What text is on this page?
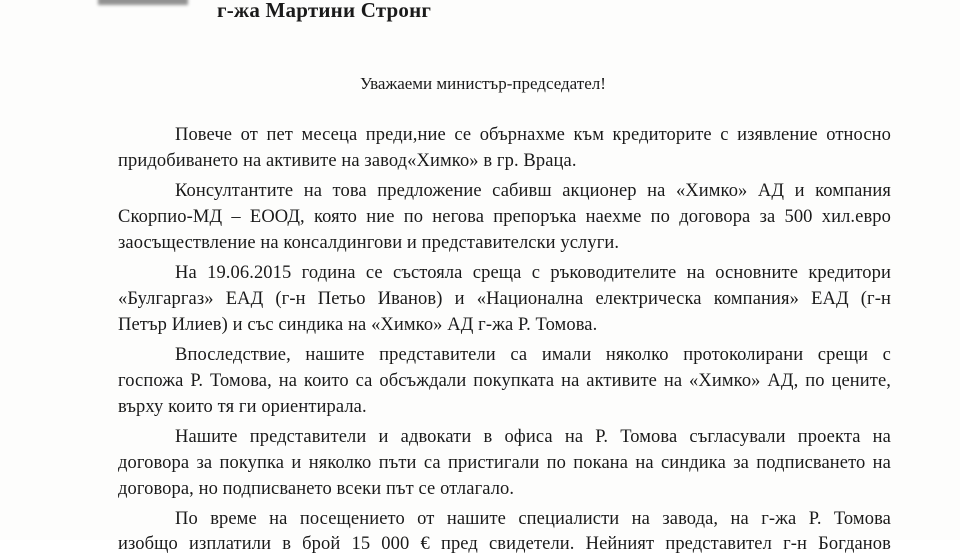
г-жа Мартини Стронг
Уважаеми министър-председател!
Повече от пет месеца преди,ние се обърнахме към кредиторите с изявление относно
придобиването на активите на завод«Химко» в гр. Враца.
Консултантите на това предложение сабивш акционер на «Химко» АД и компания
Скорпио-МД – ЕООД, която ние по негова препоръка наехме по договора за 500 хил.евро
заосъществление на консалдингови и представителски услуги.
На 19.06.2015 година се състояла среща с ръководителите на основните кредитори
«Булгаргаз» ЕАД (г-н Петьо Иванов) и «Национална електрическа компания» ЕАД (г-н
Петър Илиев) и със синдика на «Химко» АД г-жа Р. Томова.
Впоследствие, нашите представители са имали няколко протоколирани срещи с
госпожа Р. Томова, на които са обсъждали покупката на активите на «Химко» АД, по цените,
върху които тя ги ориентирала.
Нашите представители и адвокати в офиса на Р. Томова съгласували проекта на
договора за покупка и няколко пъти са пристигали по покана на синдика за подписването на
договора, но подписването всеки път се отлагало.
По време на посещението от нашите специалисти на завода, на г-жа Р. Томова
изобщо изплатили в брой 15 000 € пред свидетели. Нейният представител г-н Богданов
